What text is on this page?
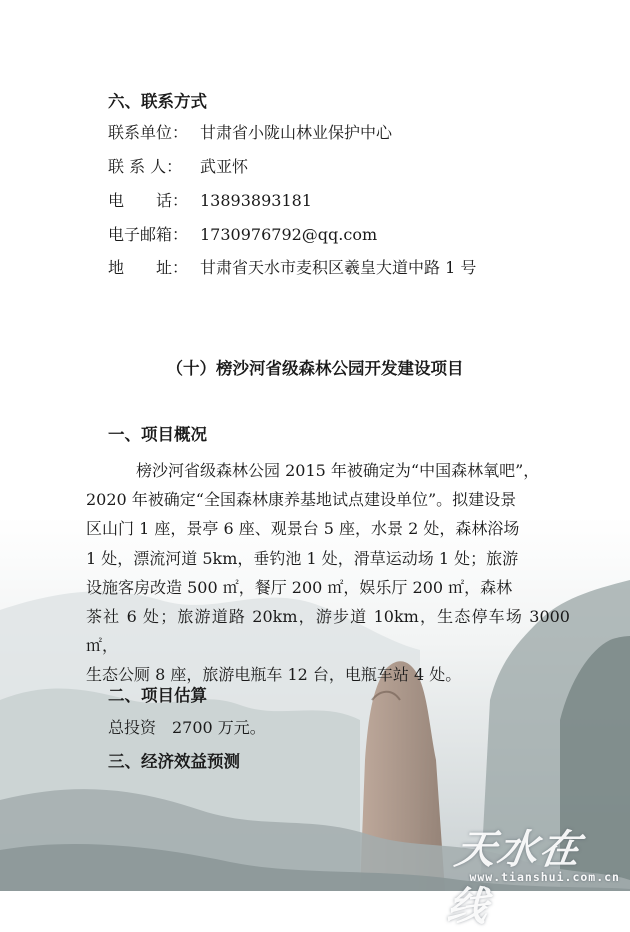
六、联系方式
联系单位： 甘肃省小陇山林业保护中心
联 系 人： 武亚怀
电　　话： 13893893181
电子邮箱： 1730976792@qq.com
地　　址： 甘肃省天水市麦积区羲皇大道中路 1 号
（十）榜沙河省级森林公园开发建设项目
一、项目概况
　　榜沙河省级森林公园 2015 年被确定为“中国森林氧吧”，
2020 年被确定“全国森林康养基地试点建设单位”。拟建设景
区山门 1 座，景亭 6 座、观景台 5 座，水景 2 处，森林浴场
1 处，漂流河道 5km，垂钓池 1 处，滑草运动场 1 处；旅游
设施客房改造 500 ㎡，餐厅 200 ㎡，娱乐厅 200 ㎡，森林
茶社 6 处；旅游道路 20km，游步道 10km，生态停车场 3000 ㎡，
生态公厕 8 座，旅游电瓶车 12 台，电瓶车站 4 处。
二、项目估算
总投资　2700 万元。
三、经济效益预测
天水在线
www.tianshui.com.cn
